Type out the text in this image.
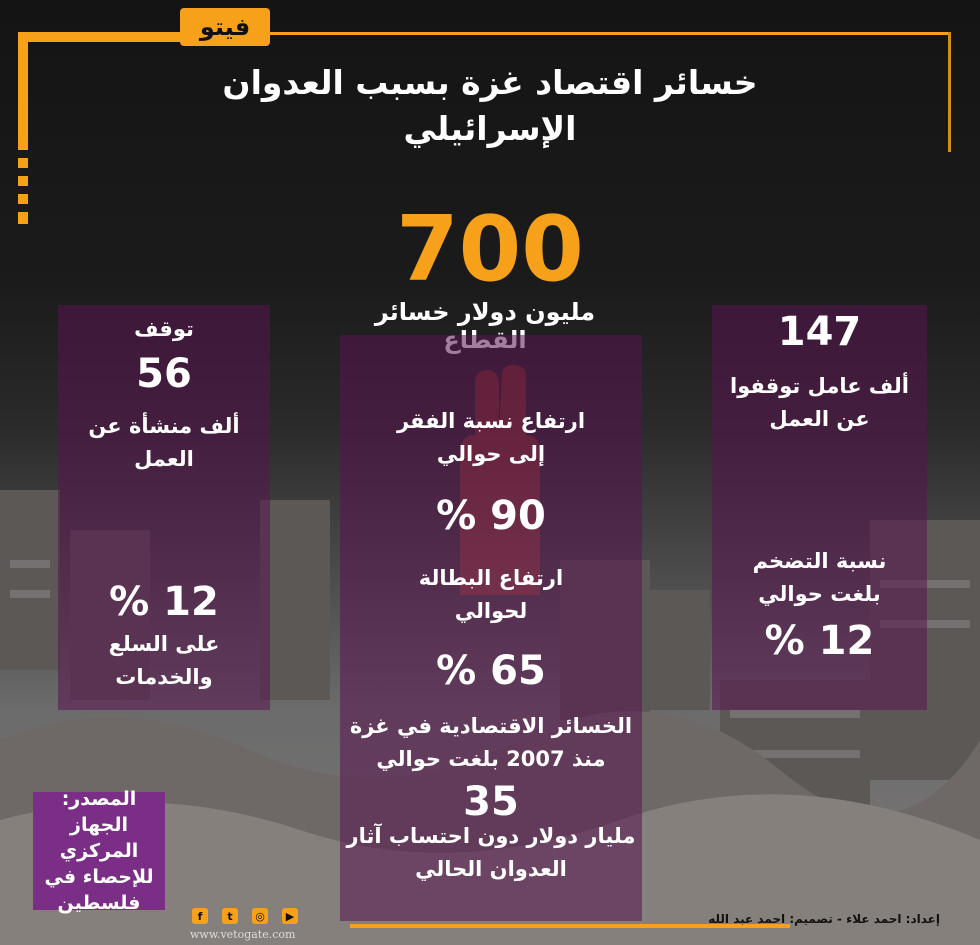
فيتو
خسائر اقتصاد غزة بسبب العدوان
الإسرائيلي
700
مليون دولار خسائر
توقف
56
ألف منشأة عن
العمل
12 %
على السلع
والخدمات
ارتفاع نسبة الفقر
إلى حوالي
90 %
ارتفاع البطالة
لحوالي
65 %
الخسائر الاقتصادية في غزة
منذ 2007 بلغت حوالي
35
مليار دولار دون احتساب آثار
العدوان الحالي
147
ألف عامل توقفوا
عن العمل
نسبة التضخم
بلغت حوالي
12 %
المصدر: الجهاز
المركزي
للإحصاء في
فلسطين
f	t	◎	▶
www.vetogate.com
إعداد: احمد علاء - تصميم: احمد عبد الله
